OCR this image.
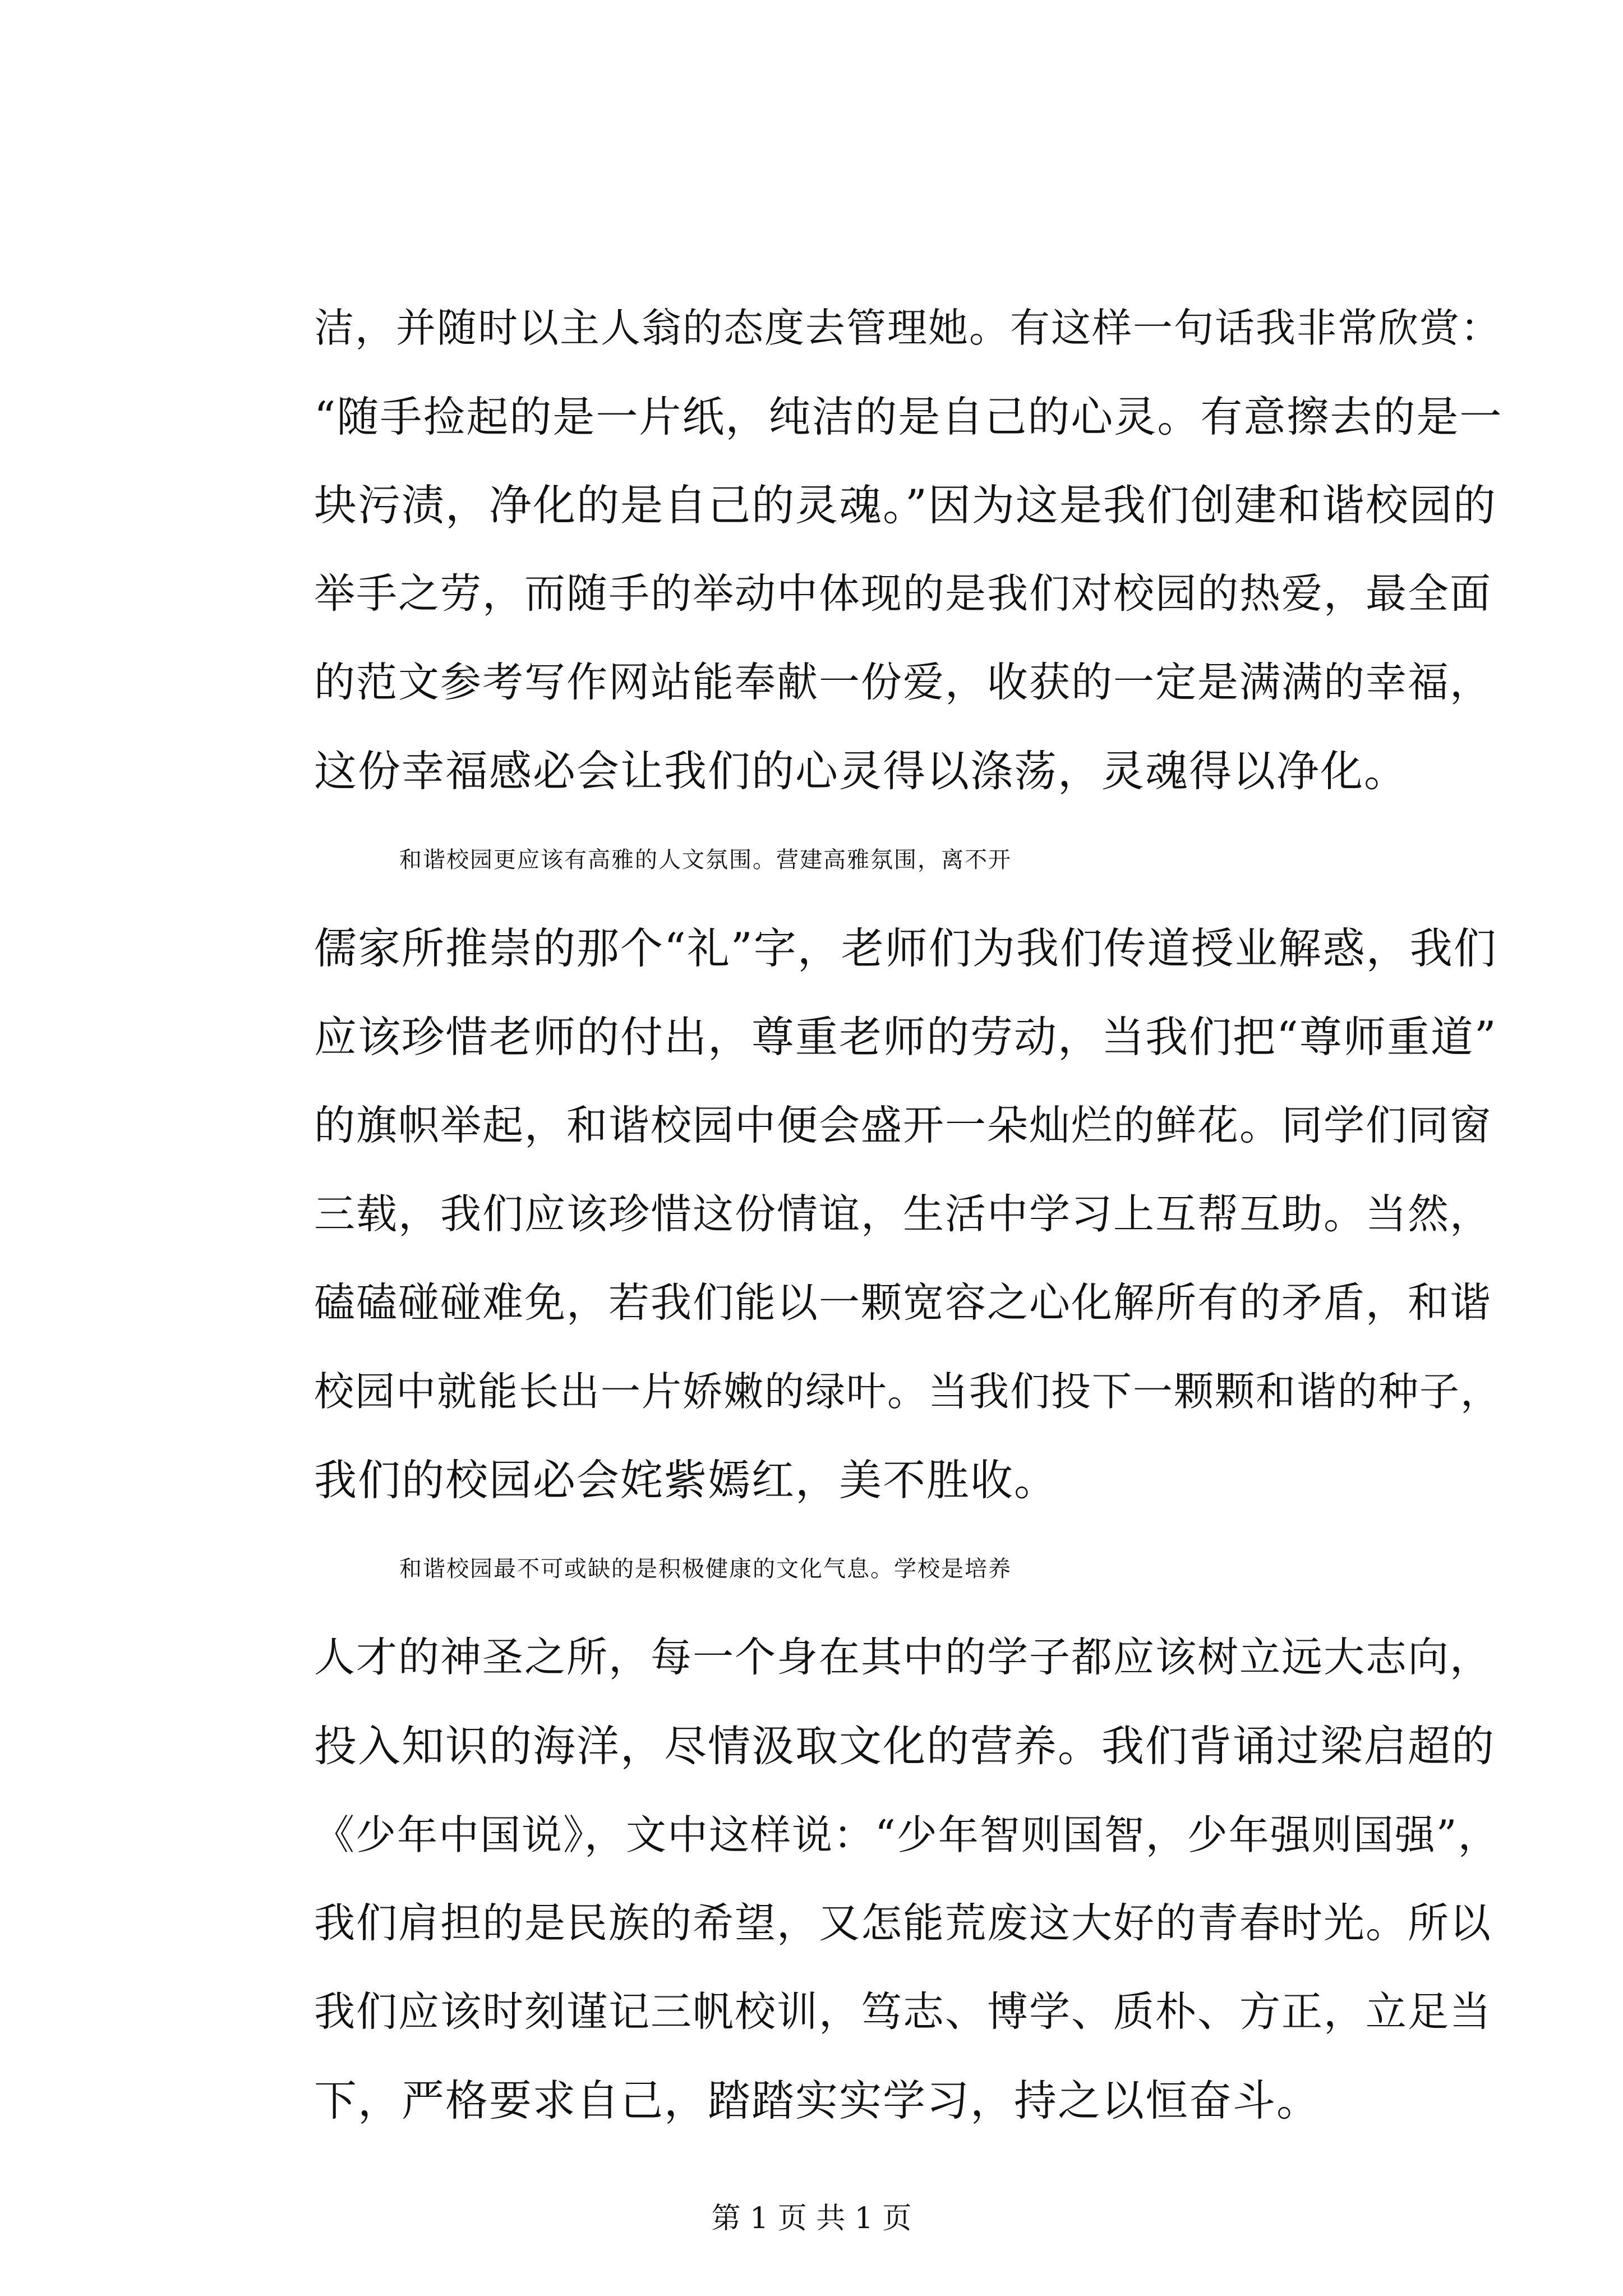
洁，并随时以主人翁的态度去管理她。有这样一句话我非常欣赏：
“随手捡起的是一片纸，纯洁的是自己的心灵。有意擦去的是一
块污渍，净化的是自己的灵魂。”因为这是我们创建和谐校园的
举手之劳，而随手的举动中体现的是我们对校园的热爱，最全面
的范文参考写作网站能奉献一份爱，收获的一定是满满的幸福，
这份幸福感必会让我们的心灵得以涤荡，灵魂得以净化。
和谐校园更应该有高雅的人文氛围。营建高雅氛围，离不开
儒家所推崇的那个“礼”字，老师们为我们传道授业解惑，我们
应该珍惜老师的付出，尊重老师的劳动，当我们把“尊师重道”
的旗帜举起，和谐校园中便会盛开一朵灿烂的鲜花。同学们同窗
三载，我们应该珍惜这份情谊，生活中学习上互帮互助。当然，
磕磕碰碰难免，若我们能以一颗宽容之心化解所有的矛盾，和谐
校园中就能长出一片娇嫩的绿叶。当我们投下一颗颗和谐的种子，
我们的校园必会姹紫嫣红，美不胜收。
和谐校园最不可或缺的是积极健康的文化气息。学校是培养
人才的神圣之所，每一个身在其中的学子都应该树立远大志向，
投入知识的海洋，尽情汲取文化的营养。我们背诵过梁启超的
《少年中国说》，文中这样说：“少年智则国智，少年强则国强”，
我们肩担的是民族的希望，又怎能荒废这大好的青春时光。所以
我们应该时刻谨记三帆校训，笃志、博学、质朴、方正，立足当
下，严格要求自己，踏踏实实学习，持之以恒奋斗。
第 1 页 共 1 页
